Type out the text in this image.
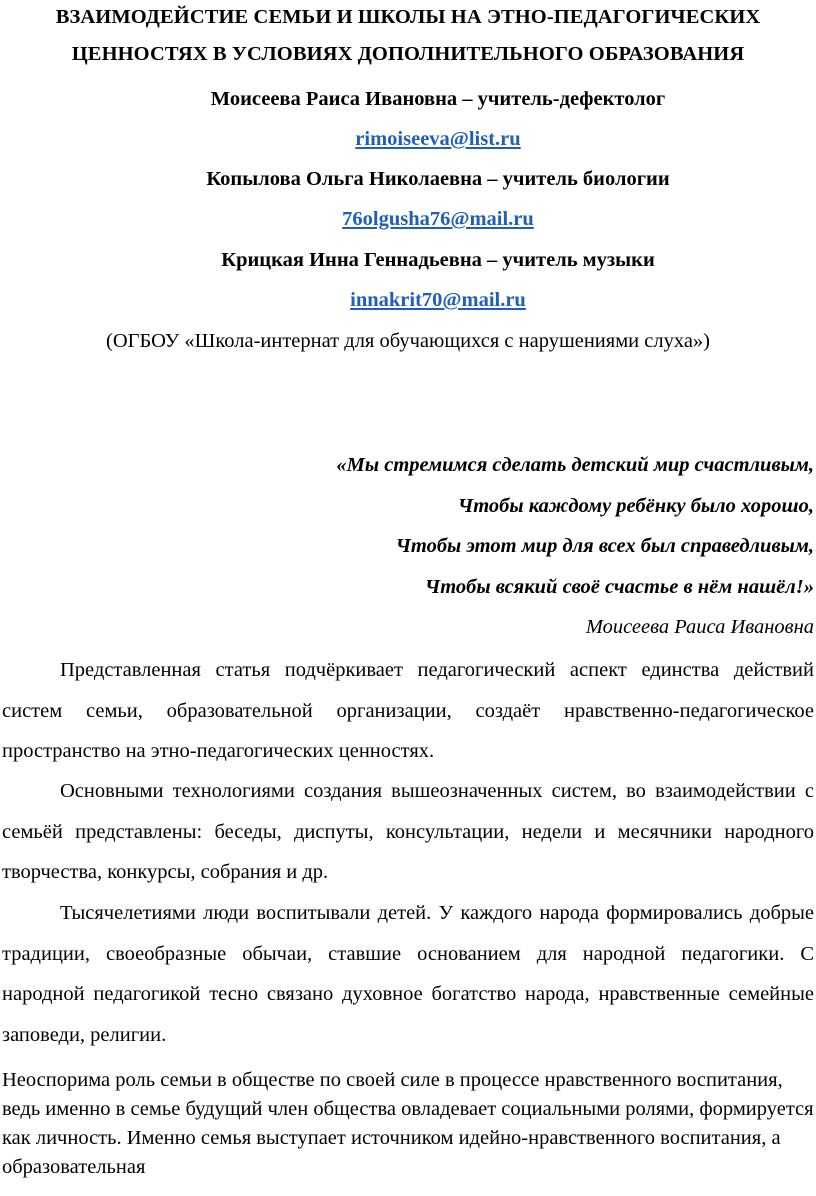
ВЗАИМОДЕЙСТИЕ СЕМЬИ И ШКОЛЫ НА ЭТНО-ПЕДАГОГИЧЕСКИХ
ЦЕННОСТЯХ В УСЛОВИЯХ ДОПОЛНИТЕЛЬНОГО ОБРАЗОВАНИЯ
Моисеева Раиса Ивановна – учитель-дефектолог
rimoiseeva@list.ru
Копылова Ольга Николаевна – учитель биологии
76olgusha76@mail.ru
Крицкая Инна Геннадьевна – учитель музыки
innakrit70@mail.ru
(ОГБОУ «Школа-интернат для обучающихся с нарушениями слуха»)
«Мы стремимся сделать детский мир счастливым,
Чтобы каждому ребёнку было хорошо,
Чтобы этот мир для всех был справедливым,
Чтобы всякий своё счастье в нём нашёл!»
Моисеева Раиса Ивановна

Представленная статья подчёркивает педагогический аспект единства действий систем семьи, образовательной организации, создаёт нравственно-педагогическое пространство на этно-педагогических ценностях.

Основными технологиями создания вышеозначенных систем, во взаимодействии с семьёй представлены: беседы, диспуты, консультации, недели и месячники народного творчества, конкурсы, собрания и др.

Тысячелетиями люди воспитывали детей. У каждого народа формировались добрые традиции, своеобразные обычаи, ставшие основанием для народной педагогики. С народной педагогикой тесно связано духовное богатство народа, нравственные семейные заповеди, религии.

Неоспорима роль семьи в обществе по своей силе в процессе нравственного воспитания, ведь именно в семье будущий член общества овладевает социальными ролями, формируется как личность. Именно семья выступает источником идейно-нравственного воспитания, а образовательная
